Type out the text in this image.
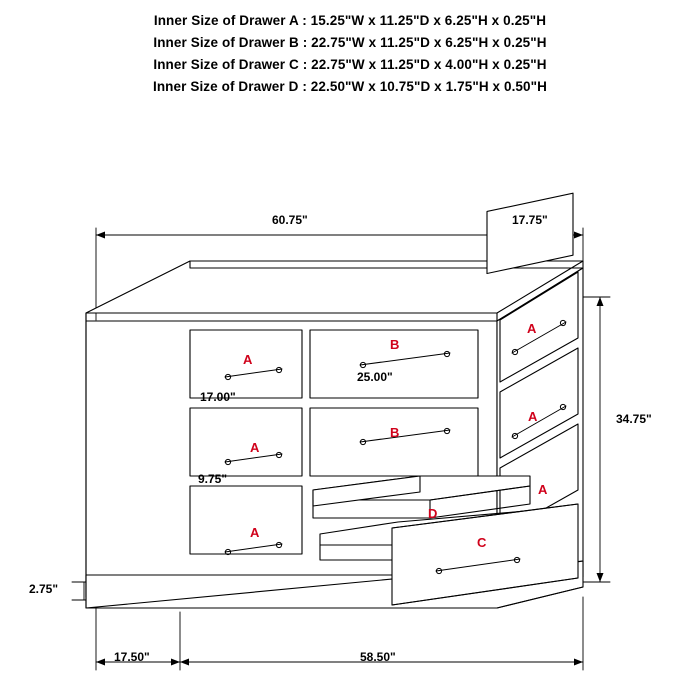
Inner Size of Drawer A : 15.25"W x 11.25"D x 6.25"H x 0.25"H
Inner Size of Drawer B : 22.75"W x 11.25"D x 6.25"H x 0.25"H
Inner Size of Drawer C : 22.75"W x 11.25"D x 4.00"H x 0.25"H
Inner Size of Drawer D : 22.50"W x 10.75"D x 1.75"H x 0.50"H
60.75"	17.75"
34.75"
17.00"
25.00"
9.75"
2.75"
17.50"	58.50"
A
B
A
A
B
A
A
A
D
C
